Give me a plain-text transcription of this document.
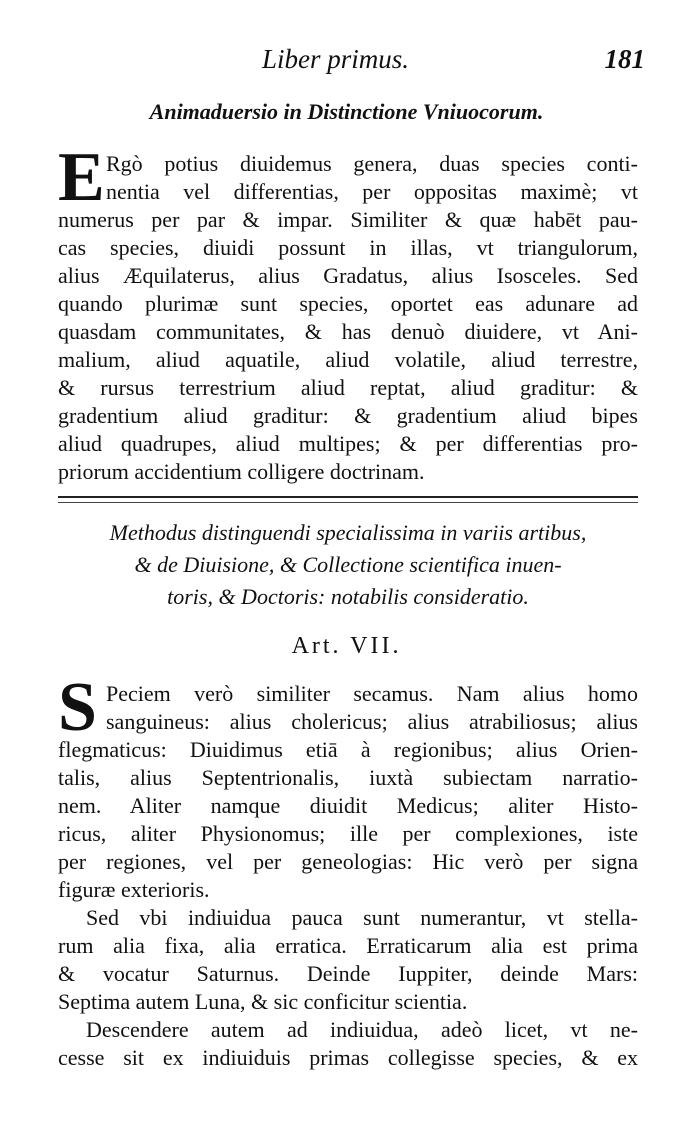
Liber primus.	181
Animaduersio in Distinctione Vniuocorum.
E Rgò potius diuidemus genera, duas species conti-
nentia vel differentias, per oppositas maximè; vt
numerus per par & impar. Similiter & quæ habēt pau-
cas species, diuidi possunt in illas, vt triangulorum,
alius Æquilaterus, alius Gradatus, alius Isosceles. Sed
quando plurimæ sunt species, oportet eas adunare ad
quasdam communitates, & has denuò diuidere, vt Ani-
malium, aliud aquatile, aliud volatile, aliud terrestre,
& rursus terrestrium aliud reptat, aliud graditur: &
gradentium aliud graditur: & gradentium aliud bipes
aliud quadrupes, aliud multipes; & per differentias pro-
priorum accidentium colligere doctrinam.
Methodus distinguendi specialissima in variis artibus,
& de Diuisione, & Collectione scientifica inuen-
toris, & Doctoris: notabilis consideratio.
Art. VII.
S Peciem verò similiter secamus. Nam alius homo
sanguineus: alius cholericus; alius atrabiliosus; alius
flegmaticus: Diuidimus etiā à regionibus; alius Orien-
talis, alius Septentrionalis, iuxtà subiectam narratio-
nem. Aliter namque diuidit Medicus; aliter Histo-
ricus, aliter Physionomus; ille per complexiones, iste
per regiones, vel per geneologias: Hic verò per signa
figuræ exterioris.
Sed vbi indiuidua pauca sunt numerantur, vt stella-
rum alia fixa, alia erratica. Erraticarum alia est prima
& vocatur Saturnus. Deinde Iuppiter, deinde Mars:
Septima autem Luna, & sic conficitur scientia.
Descendere autem ad indiuidua, adeò licet, vt ne-
cesse sit ex indiuiduis primas collegisse species, & ex
